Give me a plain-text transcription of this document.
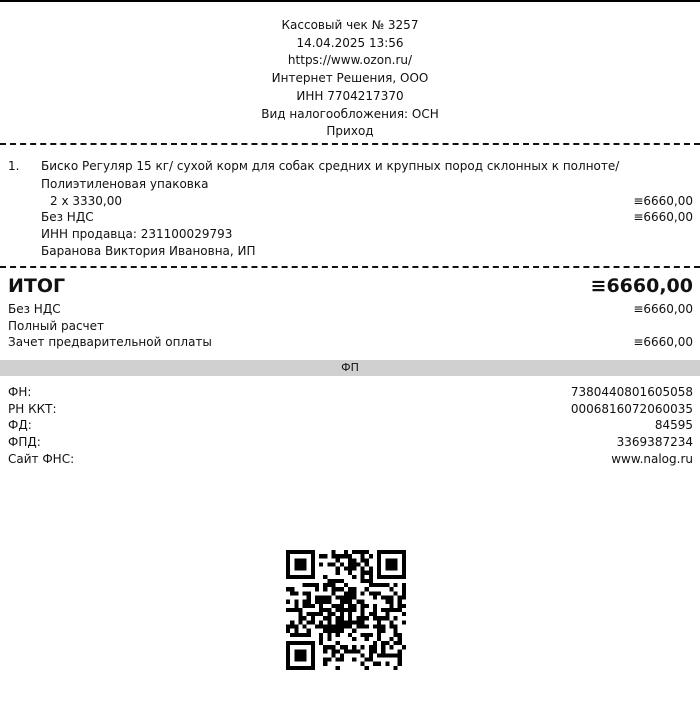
Кассовый чек № 3257
14.04.2025 13:56
https://www.ozon.ru/
Интернет Решения, ООО
ИНН 7704217370
Вид налогообложения: ОСН
Приход
1. Биско Регуляр 15 кг/ сухой корм для собак средних и крупных пород склонных к полноте/
Полиэтиленовая упаковка
2 x 3330,00	≡6660,00
Без НДС	≡6660,00
ИНН продавца: 231100029793
Баранова Виктория Ивановна, ИП
ИТОГ	≡6660,00
Без НДС	≡6660,00
Полный расчет
Зачет предварительной оплаты	≡6660,00
ФП
ФН:	7380440801605058
РН ККТ:	0006816072060035
ФД:	84595
ФПД:	3369387234
Сайт ФНС:	www.nalog.ru
